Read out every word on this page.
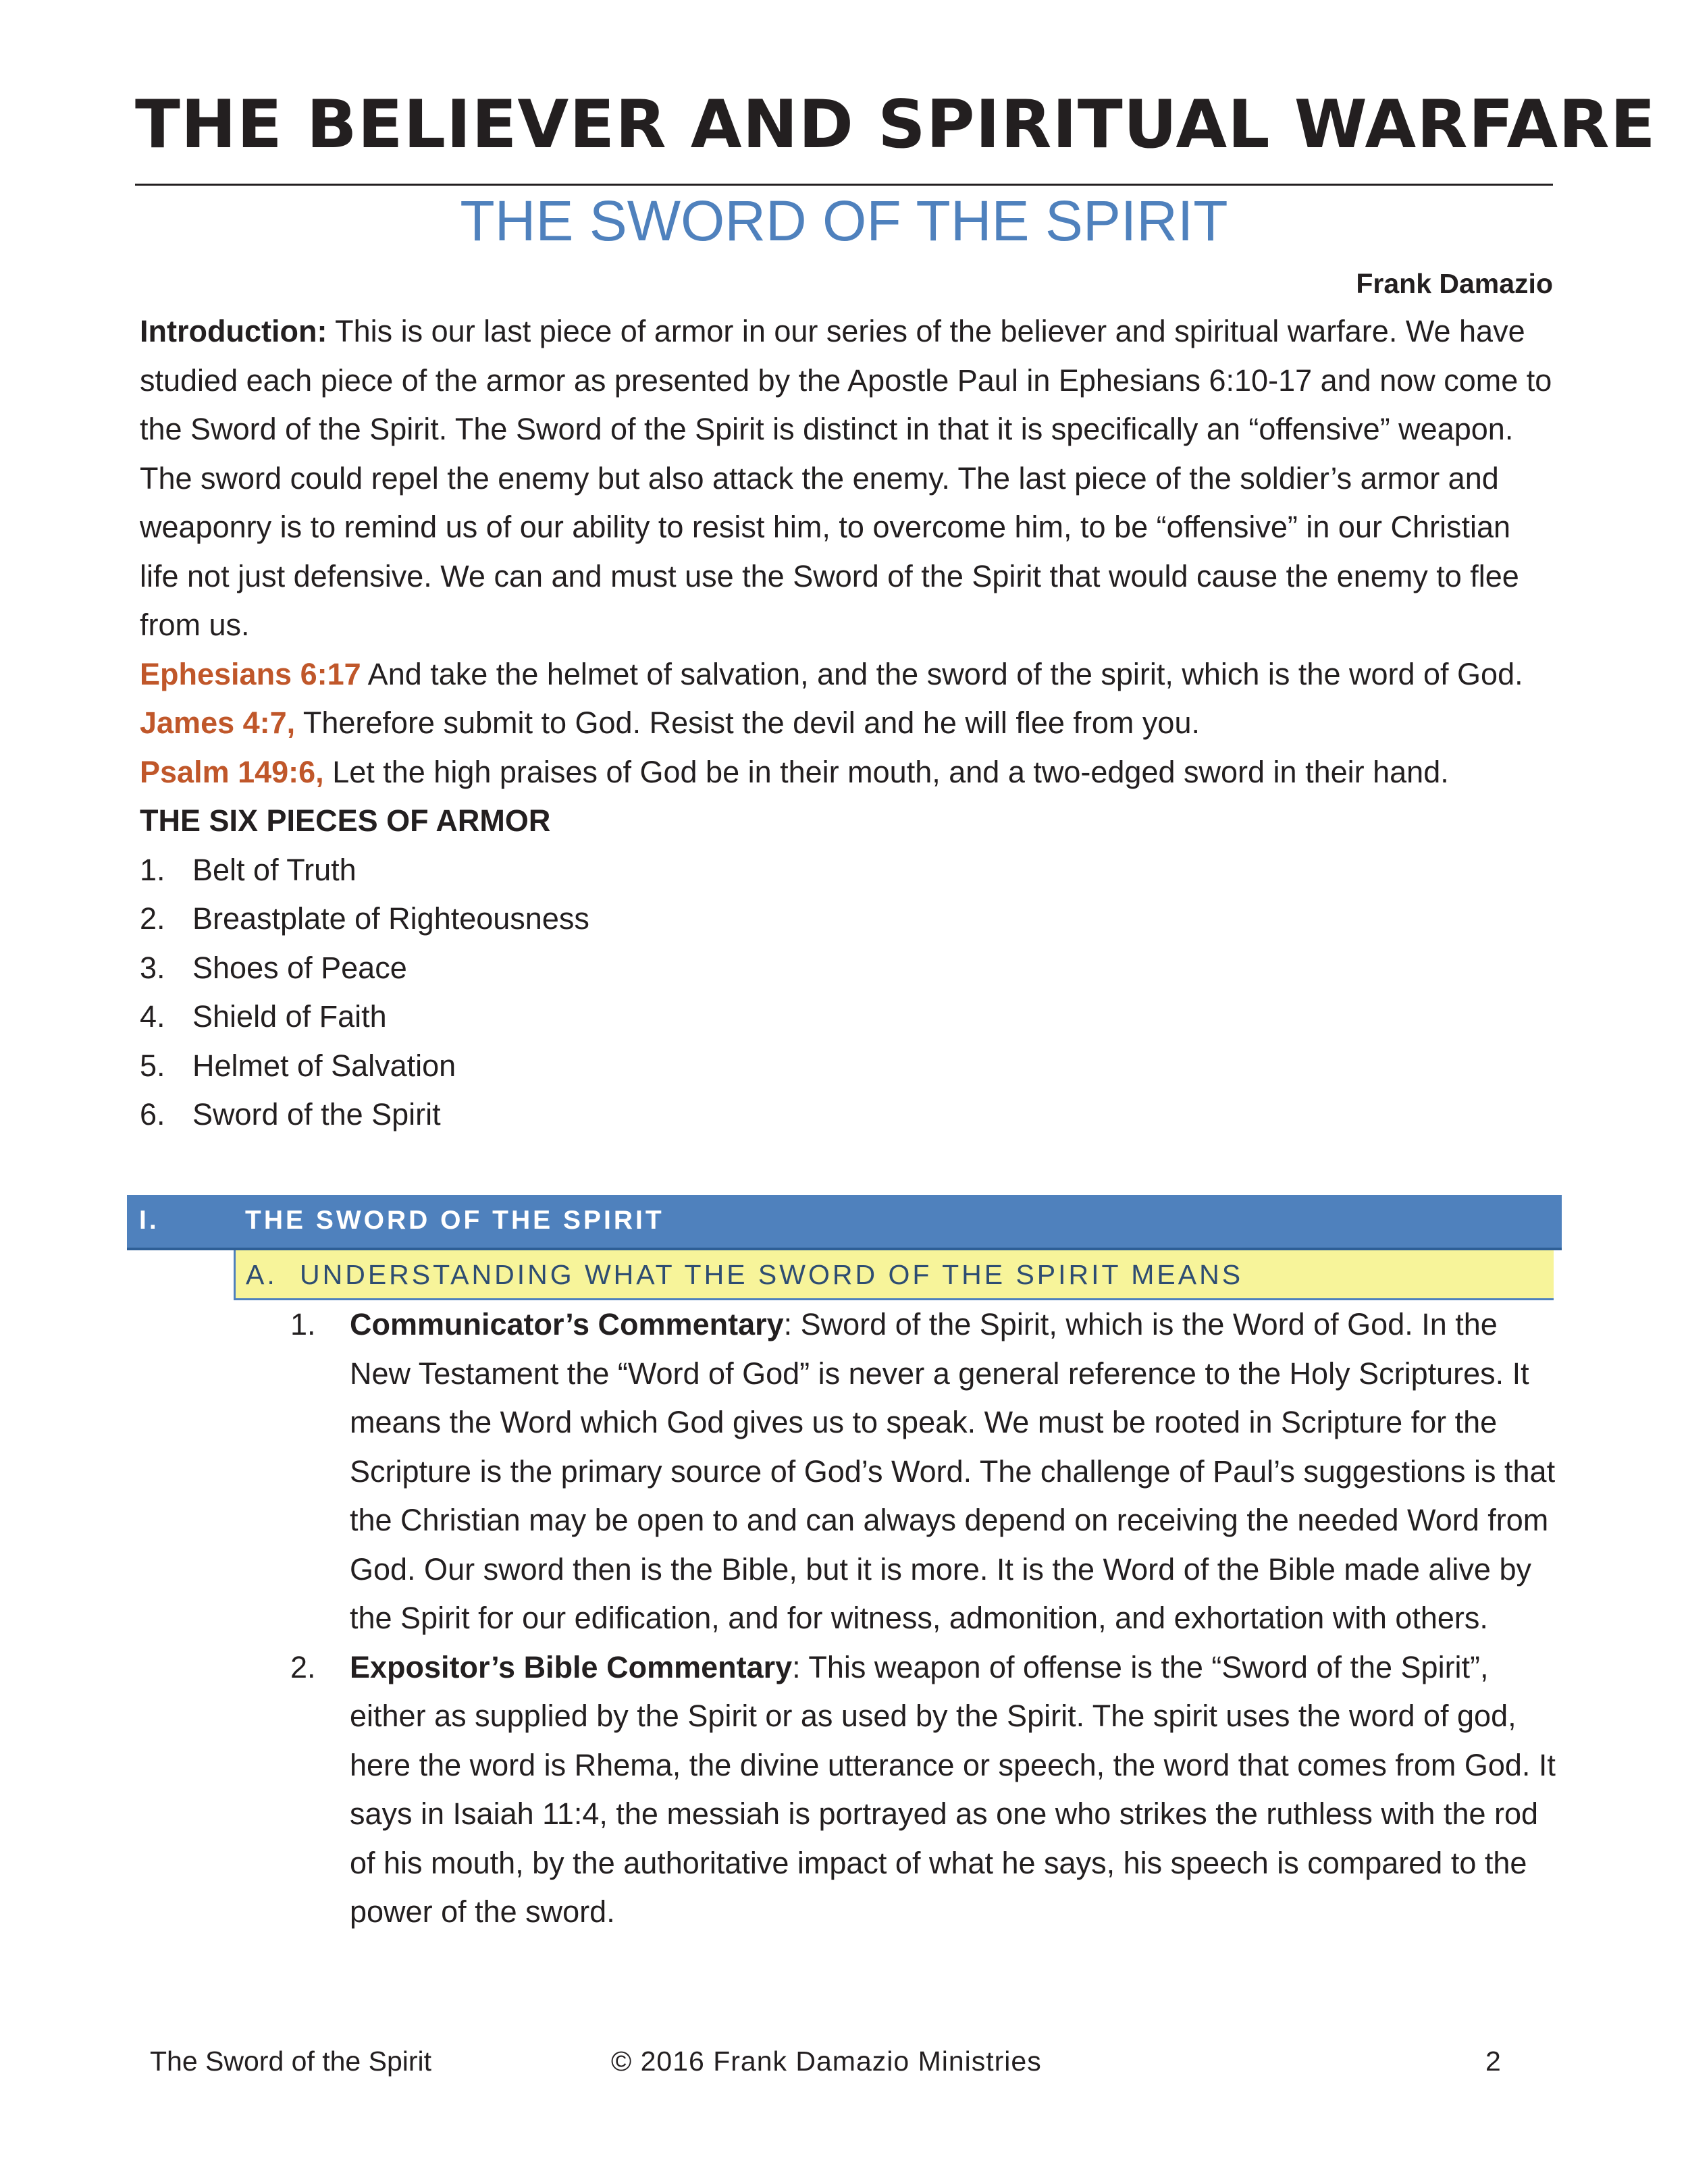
THE BELIEVER AND SPIRITUAL WARFARE
THE SWORD OF THE SPIRIT
Frank Damazio

Introduction: This is our last piece of armor in our series of the believer and spiritual warfare. We have studied each piece of the armor as presented by the Apostle Paul in Ephesians 6:10-17 and now come to the Sword of the Spirit. The Sword of the Spirit is distinct in that it is specifically an “offensive” weapon. The sword could repel the enemy but also attack the enemy. The last piece of the soldier’s armor and weaponry is to remind us of our ability to resist him, to overcome him, to be “offensive” in our Christian life not just defensive. We can and must use the Sword of the Spirit that would cause the enemy to flee from us.

Ephesians 6:17 And take the helmet of salvation, and the sword of the spirit, which is the word of God.

James 4:7, Therefore submit to God. Resist the devil and he will flee from you.

Psalm 149:6, Let the high praises of God be in their mouth, and a two-edged sword in their hand.

THE SIX PIECES OF ARMOR

1. Belt of Truth
2. Breastplate of Righteousness
3. Shoes of Peace
4. Shield of Faith
5. Helmet of Salvation
6. Sword of the Spirit
I.	THE SWORD OF THE SPIRIT
A. UNDERSTANDING WHAT THE SWORD OF THE SPIRIT MEANS
1.	Communicator’s Commentary: Sword of the Spirit, which is the Word of God. In the New Testament the “Word of God” is never a general reference to the Holy Scriptures. It means the Word which God gives us to speak. We must be rooted in Scripture for the Scripture is the primary source of God’s Word. The challenge of Paul’s suggestions is that the Christian may be open to and can always depend on receiving the needed Word from God. Our sword then is the Bible, but it is more. It is the Word of the Bible made alive by the Spirit for our edification, and for witness, admonition, and exhortation with others.
2.	Expositor’s Bible Commentary: This weapon of offense is the “Sword of the Spirit”, either as supplied by the Spirit or as used by the Spirit. The spirit uses the word of god, here the word is Rhema, the divine utterance or speech, the word that comes from God. It says in Isaiah 11:4, the messiah is portrayed as one who strikes the ruthless with the rod of his mouth, by the authoritative impact of what he says, his speech is compared to the power of the sword.
The Sword of the Spirit	© 2016 Frank Damazio Ministries	2
